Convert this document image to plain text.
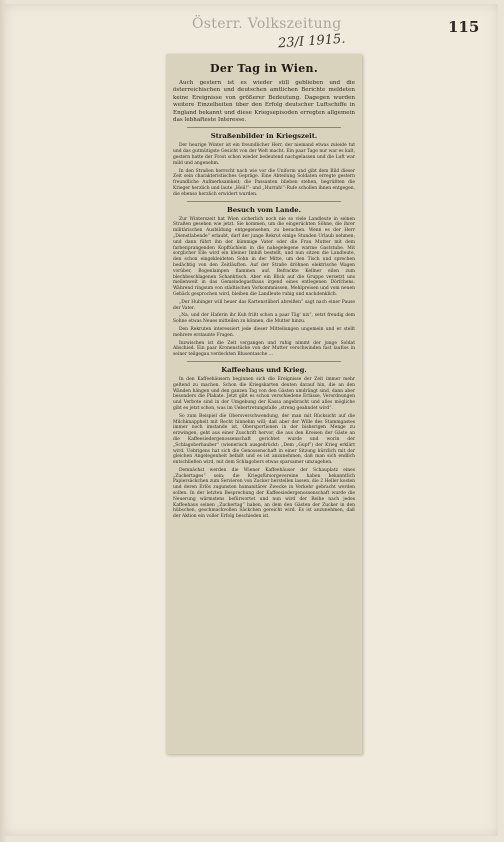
Österr. Volkszeitung	115
23/I 1915.
Der Tag in Wien.

Auch gestern ist es wieder still geblieben und die österreichischen und deutschen amtlichen Berichte meldeten keine Ereignisse von größerer Bedeutung. Dagegen wurden weitere Einzelheiten über den Erfolg deutscher Luftschiffe in England bekannt und diese Kriegsepisoden erregten allgemein das lebhafteste Interesse.

Straßenbilder in Kriegszeit.

Der heurige Winter ist ein freundlicher Herr, der niemand etwas zuleide tut und das gutmütigste Gesicht von der Welt macht. Ein paar Tage nur war es kalt, gestern hatte der Frost schon wieder bedeutend nachgelassen und die Luft war mild und angenehm.

In den Straßen herrscht nach wie vor die Uniform und gibt dem Bild dieser Zeit sein charakteristisches Gepräge. Eine Abteilung Soldaten erregte gestern freundliche Aufmerksamkeit; die Passanten blieben stehen, begrüßten die Krieger herzlich und laute „Heil!“- und „Hurrah!“-Rufe schollen ihnen entgegen, die ebenso herzlich erwidert wurden.

Besuch vom Lande.

Zur Winterszeit hat Wien sicherlich noch nie so viele Landleute in seinen Straßen gesehen wie jetzt. Sie kommen, um die eingerückten Söhne, die ihrer militärischen Ausbildung entgegensehen, zu besuchen. Wenn es der Herr „Dienstlabende“ erlaubt, darf der junge Rekrut einige Stunden Urlaub nehmen; und dann führt ihn der kümmige Vater oder die Frau Mutter mit dem farbenprangenden Kopftüchlein in die nahegelegene warme Gaststube. Mit sorglicher Eile wird ein kleiner Imbiß bestellt, und nun sitzen die Landleute, den schon eingekleideten Sohn in der Mitte, um den Tisch und sprechen bedächtig von den Zeitläuften. Auf der Straße dröhnen elektrische Wagen vorüber, Bogenlampen flammen auf. Befrackte Kellner eilen zum blechbeschlagenen Schanktisch. Aber ein Blick auf die Gruppe versetzt uns meilenweit in das Gemeindegasthaus irgend eines entlegenen Dörfchens. Während ringsum von städtischen Vorkommnissen, Mehlpreisen und vom neuen Gebäck gesprochen wird, bleiben die Landleute ruhig und nachdenklich.

„Der Hubinger will heuer das Kartenstüberl abreißen“ sagt nach einer Pause der Vater.

„Na, und der Haferin ihr Kuh frißt schon a paar Täg' nix“, setzt freudig dem Sohne etwas Neues mitteilen zu können, die Mutter hinzu.

Den Rekruten interessiert jede dieser Mitteilungen ungemein und er stellt mehrere erstaunte Fragen.

Inzwischen ist die Zeit vergangen und ruhig nimmt der junge Soldat Abschied. Ein paar Kronenstücke von der Mutter verschwinden fast lautlos in seiner teilgegau verdeckten Blusentasche ...

Kaffeehaus und Krieg.

In den Kaffeehäusern beginnen sich die Ereignisse der Zeit immer mehr geltend zu machen. Schon die Kriegskarten deuten darauf hin, die an den Wänden hängen und den ganzen Tag von den Gästen umdrängt sind, dann aber besonders die Plakate. Jetzt gibt es schon verschiedene Erlässe, Verordnungen und Verbote sind in der Umgebung der Kassa angebracht und alles mögliche gibt es jetzt schon, was im Uebertretungsfalle „streng geahndet wird“.

So zum Beispiel die Obersverschwendung, der man mit Rücksicht auf die Milchknappheit mit Recht hinnehm will; daß aber der Wille des Stammgastes immer noch imstande ist, Obersportionen in der bisherigen Menge zu erzwingen, geht aus einer Zuschrift hervor, die aus den Kreisen der Gäste an die Kaffeesiedergenossenschaft gerichtet wurde und worin der „Schlagoberhauber“ (wienerisch ausgedrückt: „Dem „Gupf“) der Krieg erklärt wird. Uebrigens hat sich die Genossenschaft in einer Sitzung kürzlich mit der gleichen Angelegenheit befaßt und es ist anzunehmen, daß man sich endlich entschließen wird, mit dem Schlagobers etwas sparsamer umzugehen.

Demnächst werden die Wiener Kaffeehäuser der Schauplatz eines „Zuckertages“ sein; die Kriegsfürsorgevereine haben bekanntlich Papiersäckchen zum Servieren von Zucker herstellen lassen, die 2 Heller kosten und deren Erlös zugunsten humanitärer Zwecke in Verkehr gebracht werden sollen. In der letzten Besprechung der Kaffeesiedergenossenschaft wurde die Neuerung wärmstens befürwortet und nun wird der Reihe nach jedes Kaffeehaus seinen „Zuckertag“ haben, an dem den Gästen der Zucker in den hübschen, geschmackvollen Säckchen gereicht wird. Es ist anzunehmen, daß der Aktion ein voller Erfolg beschieden ist.
